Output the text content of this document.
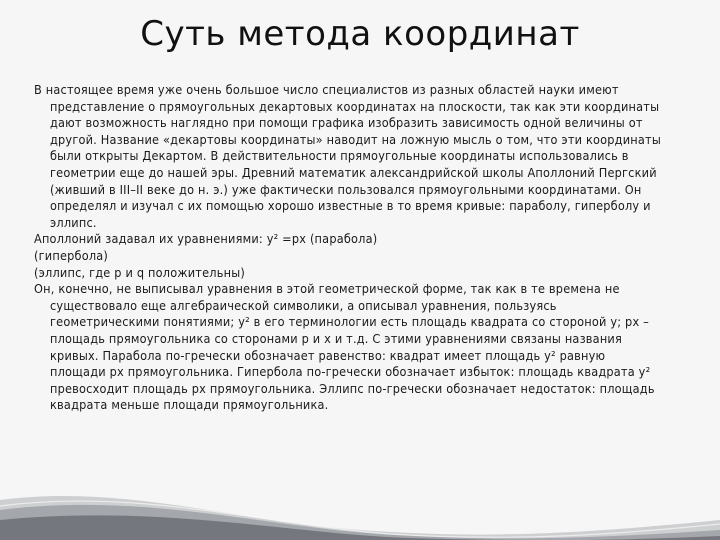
Суть метода координат

В настоящее время уже очень большое число специалистов из разных областей науки имеют представление о прямоугольных декартовых координатах на плоскости, так как эти координаты дают возможность наглядно при помощи графика изобразить зависимость одной величины от другой. Название «декартовы координаты» наводит на ложную мысль о том, что эти координаты были открыты Декартом. В действительности прямоугольные координаты использовались в геометрии еще до нашей эры. Древний математик александрийской школы Аполлоний Пергский (живший в III–II веке до н. э.) уже фактически пользовался прямоугольными координатами. Он определял и изучал с их помощью хорошо известные в то время кривые: параболу, гиперболу и эллипс.

Аполлоний задавал их уравнениями: y² =px (парабола)

(гипербола)

(эллипс, где p и q положительны)

Он, конечно, не выписывал уравнения в этой геометрической форме, так как в те времена не существовало еще алгебраической символики, а описывал уравнения, пользуясь геометрическими понятиями; y² в его терминологии есть площадь квадрата со стороной y; px – площадь прямоугольника со сторонами p и x и т.д. С этими уравнениями связаны названия кривых. Парабола по-гречески обозначает равенство: квадрат имеет площадь y² равную площади px прямоугольника. Гипербола по-гречески обозначает избыток: площадь квадрата y² превосходит площадь px прямоугольника. Эллипс по-гречески обозначает недостаток: площадь квадрата меньше площади прямоугольника.
